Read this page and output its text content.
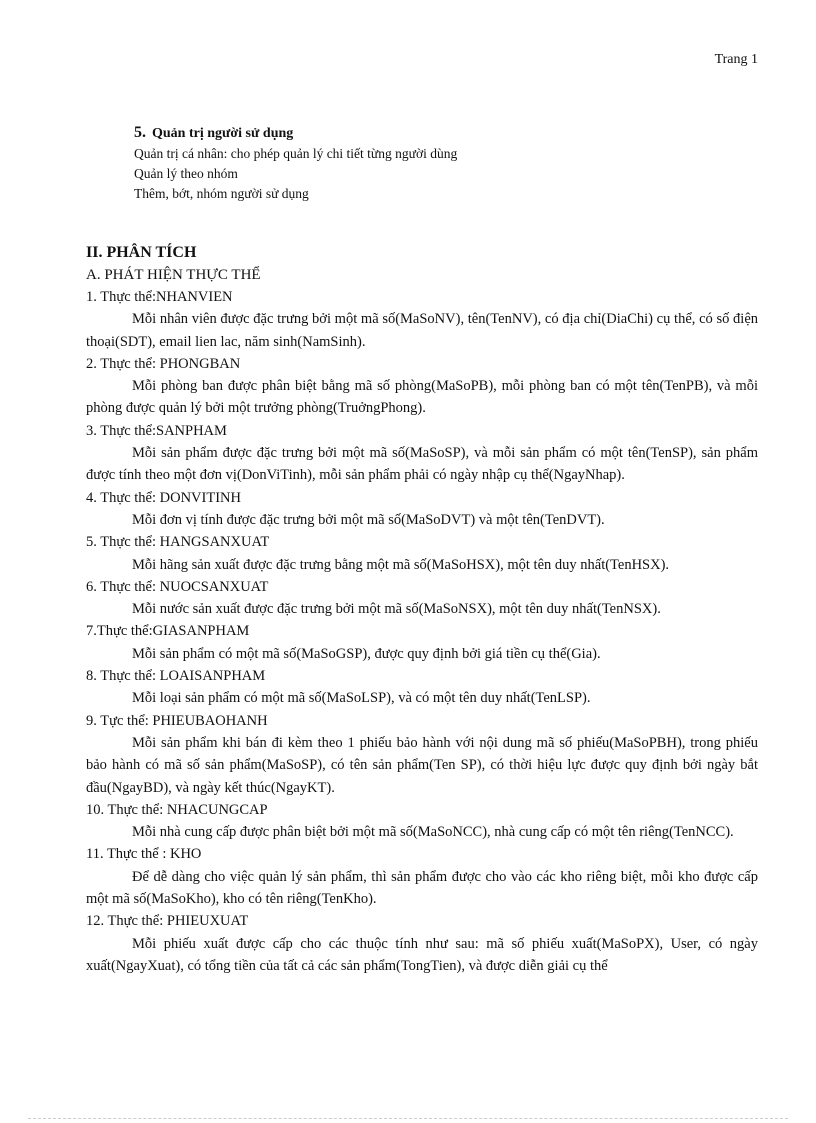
Trang 1

5. Quản trị người sử dụng

Quản trị cá nhân: cho phép quản lý chi tiết từng người dùng

Quản lý theo nhóm

Thêm, bớt, nhóm người sử dụng

II. PHÂN TÍCH

A. PHÁT HIỆN THỰC THỂ

1. Thực thể:NHANVIEN

Mỗi nhân viên được đặc trưng bởi một mã số(MaSoNV), tên(TenNV), có địa chỉ(DiaChi) cụ thể, có số điện thoại(SDT), email lien lac, năm sinh(NamSinh).

2. Thực thể: PHONGBAN

Mỗi phòng ban được phân biệt bằng mã số phòng(MaSoPB), mỗi phòng ban có một tên(TenPB), và mỗi phòng được quản lý bởi một trưởng phòng(TruởngPhong).

3. Thực thể:SANPHAM

Mỗi sản phẩm được đặc trưng bởi một mã số(MaSoSP), và mỗi sản phẩm có một tên(TenSP), sản phẩm được tính theo một đơn vị(DonViTinh), mỗi sản phẩm phải có ngày nhập cụ thể(NgayNhap).

4. Thực thể: DONVITINH

Mỗi đơn vị tính được đặc trưng bởi một mã số(MaSoDVT) và một tên(TenDVT).

5. Thực thể: HANGSANXUAT

Mỗi hãng sản xuất được đặc trưng bằng một mã số(MaSoHSX), một tên duy nhất(TenHSX).

6. Thực thể: NUOCSANXUAT

Mỗi nước sản xuất được đặc trưng bởi một mã số(MaSoNSX), một tên duy nhất(TenNSX).

7.Thực thể:GIASANPHAM

Mỗi sản phẩm có một mã số(MaSoGSP), được quy định bởi giá tiền cụ thể(Gia).

8. Thực thể: LOAISANPHAM

Mỗi loại sản phẩm có một mã số(MaSoLSP), và có một tên duy nhất(TenLSP).

9. Tực thể: PHIEUBAOHANH

Mỗi sản phẩm khi bán đi kèm theo 1 phiếu bảo hành với nội dung mã số phiếu(MaSoPBH), trong phiếu bảo hành có mã số sản phẩm(MaSoSP), có tên sản phẩm(Ten SP), có thời hiệu lực được quy định bởi ngày bắt đầu(NgayBD), và ngày kết thúc(NgayKT).

10. Thực thể: NHACUNGCAP

Mỗi nhà cung cấp được phân biệt bởi một mã số(MaSoNCC), nhà cung cấp có một tên riêng(TenNCC).

11. Thực thể : KHO

Để dễ dàng cho việc quản lý sản phẩm, thì sản phẩm được cho vào các kho riêng biệt, mỗi kho được cấp một mã số(MaSoKho), kho có tên riêng(TenKho).

12. Thực thể: PHIEUXUAT

Mỗi phiếu xuất được cấp cho các thuộc tính như sau: mã số phiếu xuất(MaSoPX), User, có ngày xuất(NgayXuat), có tổng tiền của tất cả các sản phẩm(TongTien), và được diễn giải cụ thể
